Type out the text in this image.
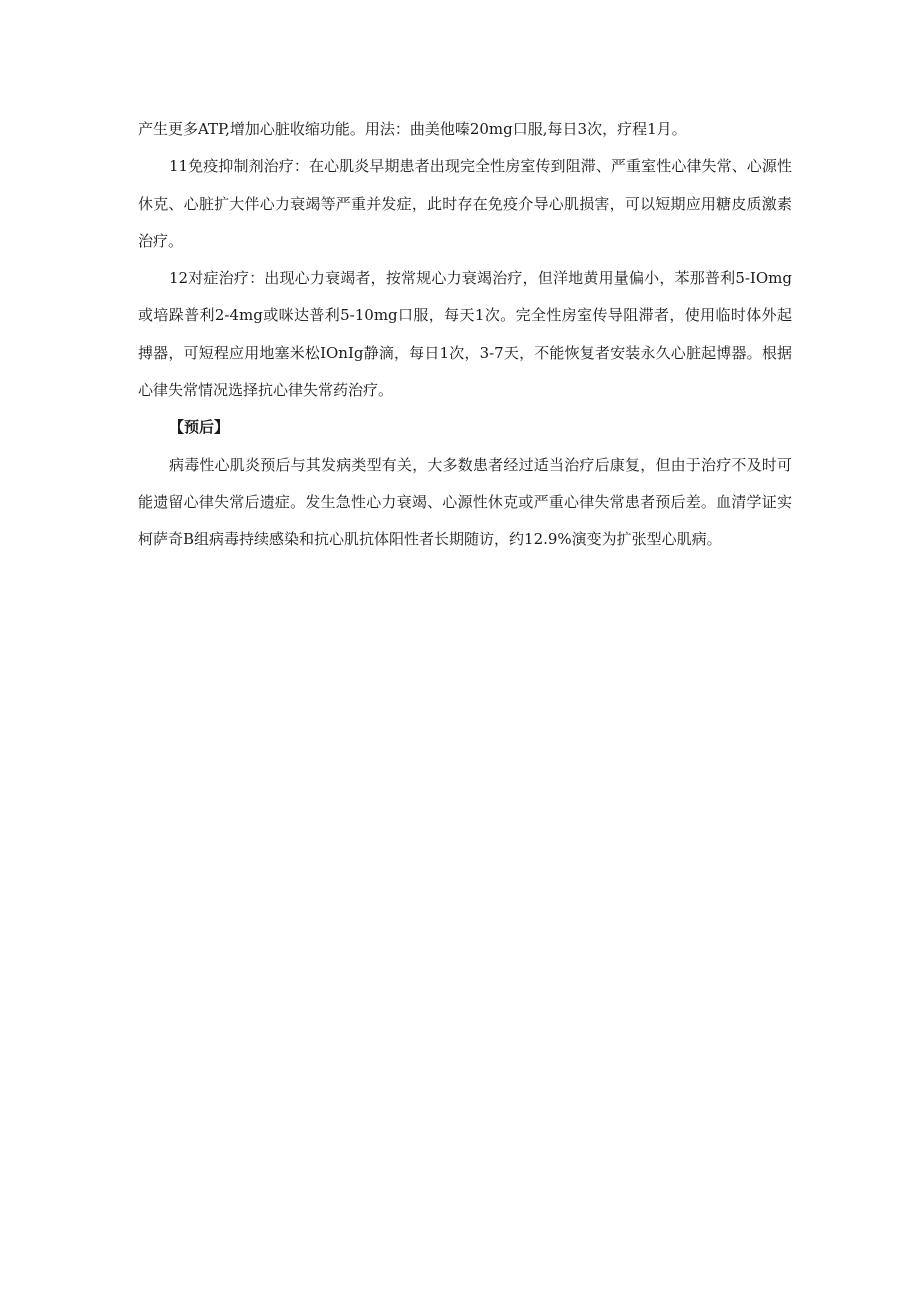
产生更多ATP,增加心脏收缩功能。用法：曲美他嗪20mg口服,每日3次，疗程1月。

11免疫抑制剂治疗：在心肌炎早期患者出现完全性房室传到阻滞、严重室性心律失常、心源性休克、心脏扩大伴心力衰竭等严重并发症，此时存在免疫介导心肌损害，可以短期应用糖皮质激素治疗。

12对症治疗：出现心力衰竭者，按常规心力衰竭治疗，但洋地黄用量偏小，苯那普利5-IOmg或培跺普利2-4mg或咪达普利5-10mg口服，每天1次。完全性房室传导阻滞者，使用临时体外起搏器，可短程应用地塞米松IOnIg静滴，每日1次，3-7天，不能恢复者安装永久心脏起博器。根据心律失常情况选择抗心律失常药治疗。

【预后】

病毒性心肌炎预后与其发病类型有关，大多数患者经过适当治疗后康复，但由于治疗不及时可能遗留心律失常后遗症。发生急性心力衰竭、心源性休克或严重心律失常患者预后差。血清学证实柯萨奇B组病毒持续感染和抗心肌抗体阳性者长期随访，约12.9%演变为扩张型心肌病。
